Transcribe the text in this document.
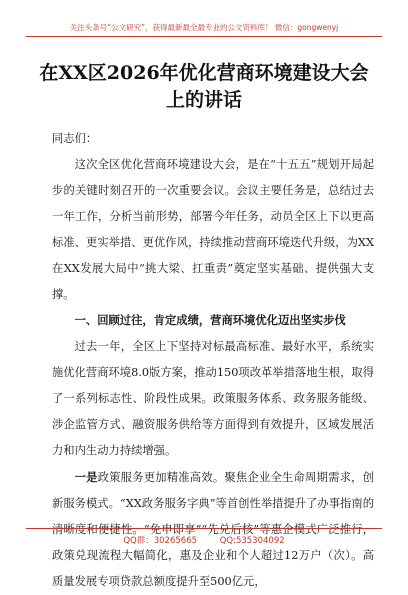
关注头条号“公文研究”，获得最新最全最专业的公文资料库！ 微信：gongwenyj
在XX区2026年优化营商环境建设大会
上的讲话

同志们：

这次全区优化营商环境建设大会，是在“十五五”规划开局起步的关键时刻召开的一次重要会议。会议主要任务是，总结过去一年工作，分析当前形势，部署今年任务，动员全区上下以更高标准、更实举措、更优作风，持续推动营商环境迭代升级，为XX在XX发展大局中“挑大梁、扛重责”奠定坚实基础、提供强大支撑。

一、回顾过往，肯定成绩，营商环境优化迈出坚实步伐

过去一年，全区上下坚持对标最高标准、最好水平，系统实施优化营商环境8.0版方案，推动150项改革举措落地生根，取得了一系列标志性、阶段性成果。政策服务体系、政务服务能级、涉企监管方式、融资服务供给等方面得到有效提升，区域发展活力和内生动力持续增强。

一是政策服务更加精准高效。聚焦企业全生命周期需求，创新服务模式。“XX政务服务字典”等首创性举措提升了办事指南的清晰度和便捷性。“免申即享”“先兑后核”等惠企模式广泛推行，政策兑现流程大幅简化，惠及企业和个人超过12万户（次）。高质量发展专项贷款总额度提升至500亿元，

QQ群：30265665	QQ:535304092
